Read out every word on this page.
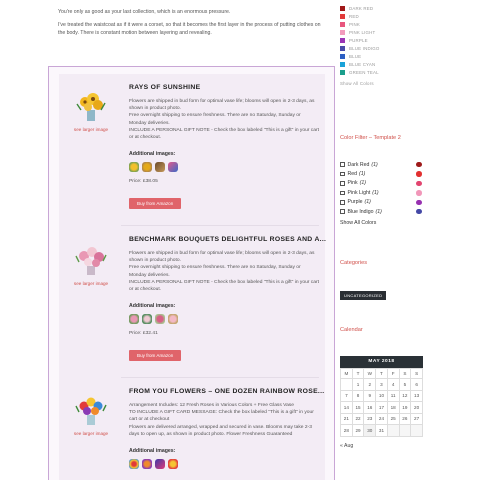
You're only as good as your last collection, which is an enormous pressure.

I've treated the waistcoat as if it were a corset, so that it becomes the first layer in the process of putting clothes on the body. There is constant motion between layering and revealing.

see larger image
RAYS OF SUNSHINE
Flowers are shipped in bud form for optimal vase life; blooms will open in 2-3 days, as shown in product photo.
Free overnight shipping to ensure freshness. There are no Saturday, Sunday or Monday deliveries.
INCLUDE A PERSONAL GIFT NOTE - Check the box labeled "This is a gift" in your cart or at checkout.
Additional images:
Price: £38.05
Buy from Amazon
see larger image
BENCHMARK BOUQUETS DELIGHTFUL ROSES AND A...
Flowers are shipped in bud form for optimal vase life; blooms will open in 2-3 days, as shown in product photo.
Free overnight shipping to ensure freshness. There are no Saturday, Sunday or Monday deliveries.
INCLUDE A PERSONAL GIFT NOTE - Check the box labeled "This is a gift" in your cart or at checkout.
Additional images:
Price: £32.41
Buy from Amazon
see larger image
FROM YOU FLOWERS – ONE DOZEN RAINBOW ROSE...
Arrangement Includes: 12 Fresh Roses in Various Colors + Free Glass Vase
TO INCLUDE A GIFT CARD MESSAGE: Check the box labeled "This is a gift" in your cart or at checkout
Flowers are delivered arranged, wrapped and secured in vase. Blooms may take 2-3 days to open up, as shown in product photo. Flower Freshness Guaranteed
Additional images:
DARK RED
RED
PINK
PINK LIGHT
PURPLE
BLUE INDIGO
BLUE
BLUE CYAN
GREEN TEAL
Show All Colors
Color Filter – Template 2
Dark Red (1)
Red (1)
Pink (1)
Pink Light (1)
Purple (1)
Blue Indigo (1)
Show All Colors
Categories
UNCATEGORIZED
Calendar
MAY 2018
M	T	W	T	F	S	S
	1	2	3	4	5	6
7	8	9	10	11	12	13
14	15	16	17	18	19	20
21	22	23	24	25	26	27
28	29	30	31			
« Aug
